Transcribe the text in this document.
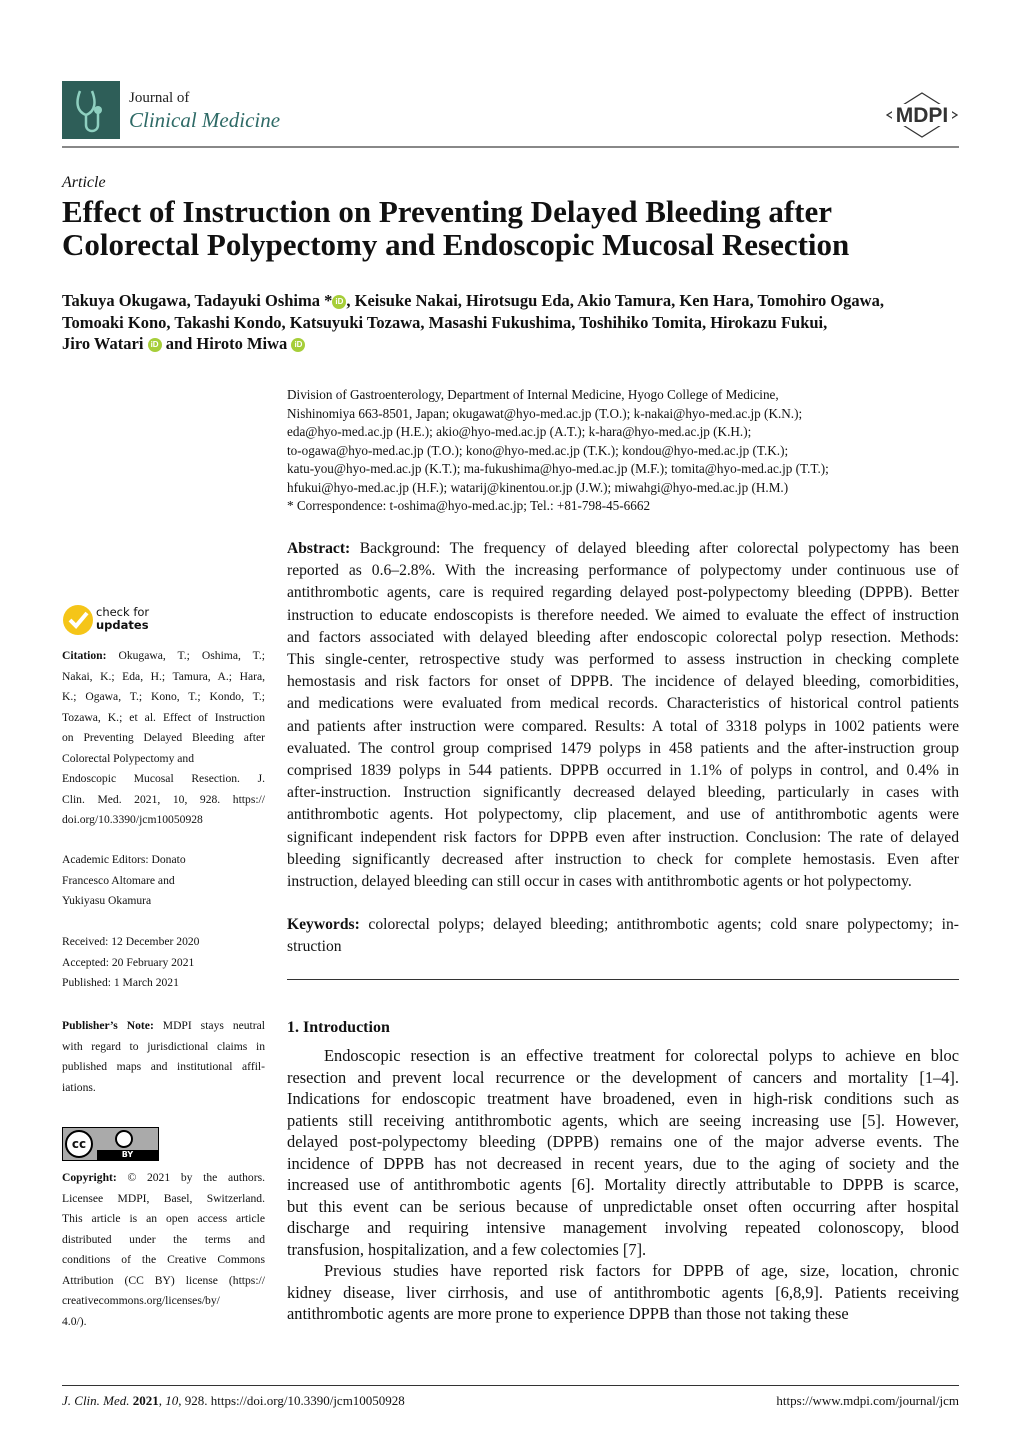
Journal of
Clinical Medicine	MDPI
Article
Effect of Instruction on Preventing Delayed Bleeding after
Colorectal Polypectomy and Endoscopic Mucosal Resection
Takuya Okugawa, Tadayuki Oshima * iD , Keisuke Nakai, Hirotsugu Eda, Akio Tamura, Ken Hara, Tomohiro Ogawa,
Tomoaki Kono, Takashi Kondo, Katsuyuki Tozawa, Masashi Fukushima, Toshihiko Tomita, Hirokazu Fukui,
Jiro Watari iD and Hiroto Miwa iD
Division of Gastroenterology, Department of Internal Medicine, Hyogo College of Medicine,
Nishinomiya 663-8501, Japan; okugawat@hyo-med.ac.jp (T.O.); k-nakai@hyo-med.ac.jp (K.N.);
eda@hyo-med.ac.jp (H.E.); akio@hyo-med.ac.jp (A.T.); k-hara@hyo-med.ac.jp (K.H.);
to-ogawa@hyo-med.ac.jp (T.O.); kono@hyo-med.ac.jp (T.K.); kondou@hyo-med.ac.jp (T.K.);
katu-you@hyo-med.ac.jp (K.T.); ma-fukushima@hyo-med.ac.jp (M.F.); tomita@hyo-med.ac.jp (T.T.);
hfukui@hyo-med.ac.jp (H.F.); watarij@kinentou.or.jp (J.W.); miwahgi@hyo-med.ac.jp (H.M.)
* Correspondence: t-oshima@hyo-med.ac.jp; Tel.: +81-798-45-6662
Abstract: Background: The frequency of delayed bleeding after colorectal polypectomy has been
reported as 0.6–2.8%. With the increasing performance of polypectomy under continuous use of
antithrombotic agents, care is required regarding delayed post-polypectomy bleeding (DPPB). Better
instruction to educate endoscopists is therefore needed. We aimed to evaluate the effect of instruction
and factors associated with delayed bleeding after endoscopic colorectal polyp resection. Methods:
This single-center, retrospective study was performed to assess instruction in checking complete
hemostasis and risk factors for onset of DPPB. The incidence of delayed bleeding, comorbidities,
and medications were evaluated from medical records. Characteristics of historical control patients
and patients after instruction were compared. Results: A total of 3318 polyps in 1002 patients were
evaluated. The control group comprised 1479 polyps in 458 patients and the after-instruction group
comprised 1839 polyps in 544 patients. DPPB occurred in 1.1% of polyps in control, and 0.4% in
after-instruction. Instruction significantly decreased delayed bleeding, particularly in cases with
antithrombotic agents. Hot polypectomy, clip placement, and use of antithrombotic agents were
significant independent risk factors for DPPB even after instruction. Conclusion: The rate of delayed
bleeding significantly decreased after instruction to check for complete hemostasis. Even after
instruction, delayed bleeding can still occur in cases with antithrombotic agents or hot polypectomy.
Keywords: colorectal polyps; delayed bleeding; antithrombotic agents; cold snare polypectomy; in-
struction
check for
updates
Citation: Okugawa, T.; Oshima, T.;
Nakai, K.; Eda, H.; Tamura, A.; Hara,
K.; Ogawa, T.; Kono, T.; Kondo, T.;
Tozawa, K.; et al. Effect of Instruction
on Preventing Delayed Bleeding after
Colorectal Polypectomy and
Endoscopic Mucosal Resection. J.
Clin. Med. 2021, 10, 928. https://
doi.org/10.3390/jcm10050928
Academic Editors: Donato
Francesco Altomare and
Yukiyasu Okamura
Received: 12 December 2020
Accepted: 20 February 2021
Published: 1 March 2021
Publisher’s Note: MDPI stays neutral
with regard to jurisdictional claims in
published maps and institutional affil-
iations.
cc
BY
Copyright: © 2021 by the authors.
Licensee MDPI, Basel, Switzerland.
This article is an open access article
distributed under the terms and
conditions of the Creative Commons
Attribution (CC BY) license (https://
creativecommons.org/licenses/by/
4.0/).
1. Introduction
Endoscopic resection is an effective treatment for colorectal polyps to achieve en bloc
resection and prevent local recurrence or the development of cancers and mortality [1–4].
Indications for endoscopic treatment have broadened, even in high-risk conditions such as
patients still receiving antithrombotic agents, which are seeing increasing use [5]. However,
delayed post-polypectomy bleeding (DPPB) remains one of the major adverse events. The
incidence of DPPB has not decreased in recent years, due to the aging of society and the
increased use of antithrombotic agents [6]. Mortality directly attributable to DPPB is scarce,
but this event can be serious because of unpredictable onset often occurring after hospital
discharge and requiring intensive management involving repeated colonoscopy, blood
transfusion, hospitalization, and a few colectomies [7].
Previous studies have reported risk factors for DPPB of age, size, location, chronic
kidney disease, liver cirrhosis, and use of antithrombotic agents [6,8,9]. Patients receiving
antithrombotic agents are more prone to experience DPPB than those not taking these
J. Clin. Med. 2021, 10, 928. https://doi.org/10.3390/jcm10050928	https://www.mdpi.com/journal/jcm
